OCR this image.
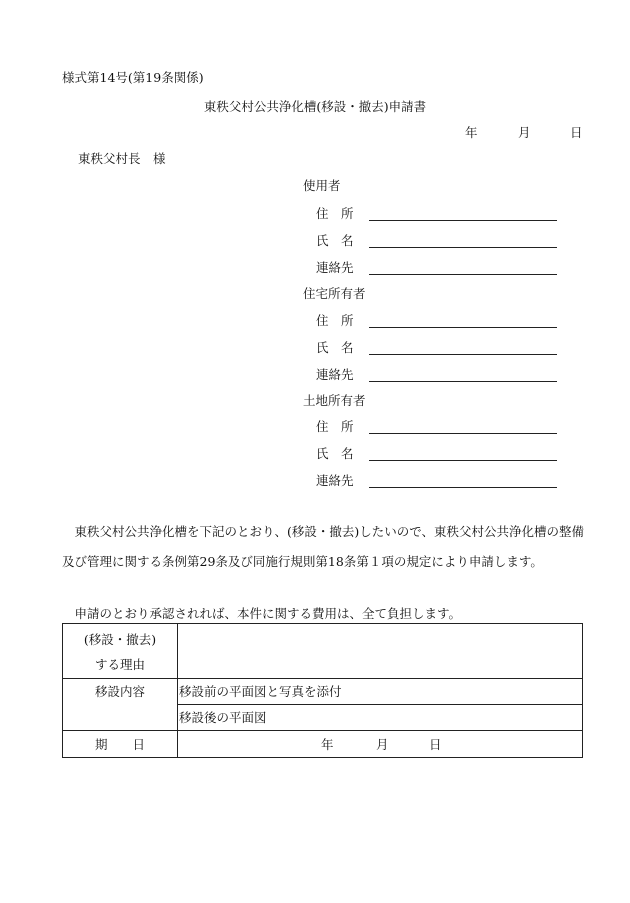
様式第14号(第19条関係)
東秩父村公共浄化槽(移設・撤去)申請書
年	月	日
東秩父村長　様
使用者
住　所
氏　名
連絡先
住宅所有者
住　所
氏　名
連絡先
土地所有者
住　所
氏　名
連絡先
東秩父村公共浄化槽を下記のとおり、(移設・撤去)したいので、東秩父村公共浄化槽の整備及び管理に関する条例第29条及び同施行規則第18条第１項の規定により申請します。
申請のとおり承認されれば、本件に関する費用は、全て負担します。
(移設・撤去)
する理由
移設内容	移設前の平面図と写真を添付
移設後の平面図
期　　日	年	月	日
